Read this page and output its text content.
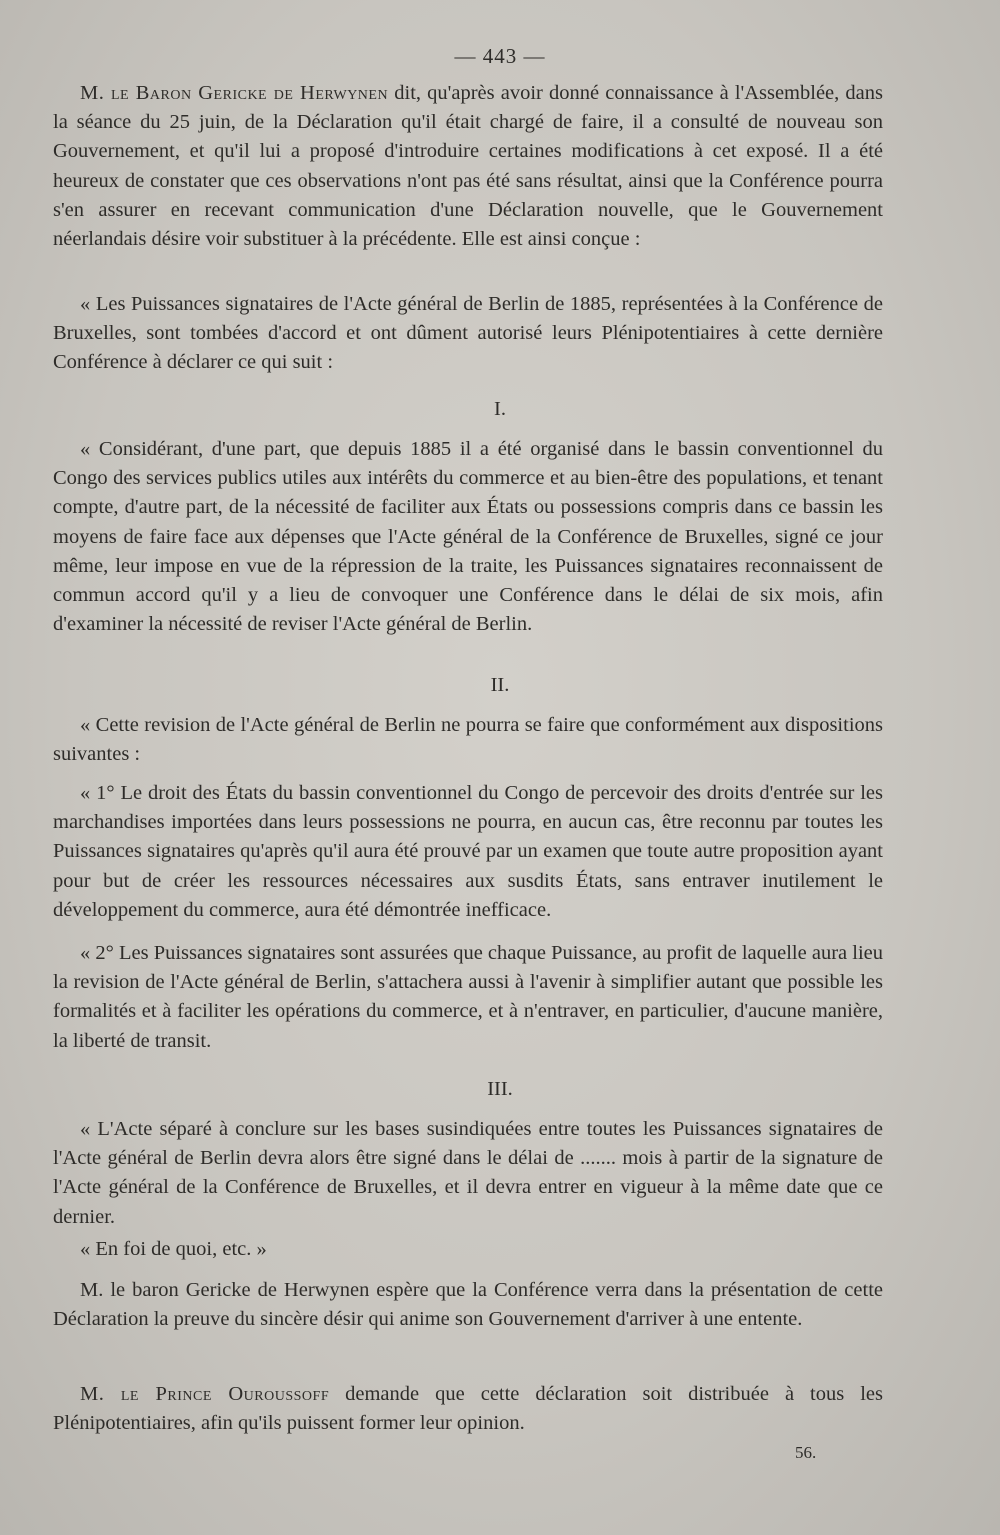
— 443 —
M. le Baron Gericke de Herwynen dit, qu'après avoir donné connaissance à l'Assemblée, dans la séance du 25 juin, de la Déclaration qu'il était chargé de faire, il a consulté de nouveau son Gouvernement, et qu'il lui a proposé d'introduire certaines modifications à cet exposé. Il a été heureux de constater que ces observations n'ont pas été sans résultat, ainsi que la Conférence pourra s'en assurer en recevant communication d'une Déclaration nouvelle, que le Gouvernement néerlandais désire voir substituer à la précédente. Elle est ainsi conçue :
« Les Puissances signataires de l'Acte général de Berlin de 1885, représentées à la Conférence de Bruxelles, sont tombées d'accord et ont dûment autorisé leurs Plénipotentiaires à cette dernière Conférence à déclarer ce qui suit :
I.
« Considérant, d'une part, que depuis 1885 il a été organisé dans le bassin conventionnel du Congo des services publics utiles aux intérêts du commerce et au bien-être des populations, et tenant compte, d'autre part, de la nécessité de faciliter aux États ou possessions compris dans ce bassin les moyens de faire face aux dépenses que l'Acte général de la Conférence de Bruxelles, signé ce jour même, leur impose en vue de la répression de la traite, les Puissances signataires reconnaissent de commun accord qu'il y a lieu de convoquer une Conférence dans le délai de six mois, afin d'examiner la nécessité de reviser l'Acte général de Berlin.
II.
« Cette revision de l'Acte général de Berlin ne pourra se faire que conformément aux dispositions suivantes :
« 1° Le droit des États du bassin conventionnel du Congo de percevoir des droits d'entrée sur les marchandises importées dans leurs possessions ne pourra, en aucun cas, être reconnu par toutes les Puissances signataires qu'après qu'il aura été prouvé par un examen que toute autre proposition ayant pour but de créer les ressources nécessaires aux susdits États, sans entraver inutilement le développement du commerce, aura été démontrée inefficace.
« 2° Les Puissances signataires sont assurées que chaque Puissance, au profit de laquelle aura lieu la revision de l'Acte général de Berlin, s'attachera aussi à l'avenir à simplifier autant que possible les formalités et à faciliter les opérations du commerce, et à n'entraver, en particulier, d'aucune manière, la liberté de transit.
III.
« L'Acte séparé à conclure sur les bases susindiquées entre toutes les Puissances signataires de l'Acte général de Berlin devra alors être signé dans le délai de ....... mois à partir de la signature de l'Acte général de la Conférence de Bruxelles, et il devra entrer en vigueur à la même date que ce dernier.
« En foi de quoi, etc. »
M. le baron Gericke de Herwynen espère que la Conférence verra dans la présentation de cette Déclaration la preuve du sincère désir qui anime son Gouvernement d'arriver à une entente.
M. le Prince Ouroussoff demande que cette déclaration soit distribuée à tous les Plénipotentiaires, afin qu'ils puissent former leur opinion.
56.
